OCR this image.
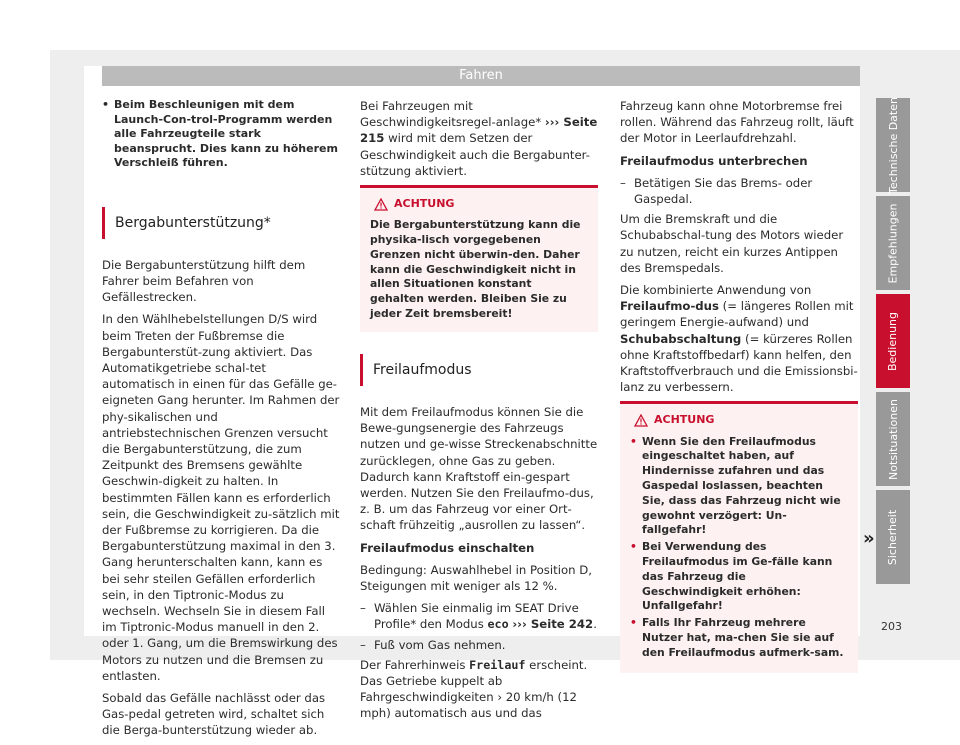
Fahren
• Beim Beschleunigen mit dem Launch-Con-trol-Programm werden alle Fahrzeugteile stark beansprucht. Dies kann zu höherem Verschleiß führen.
Bergabunterstützung*

Die Bergabunterstützung hilft dem Fahrer beim Befahren von Gefällestrecken.

In den Wählhebelstellungen D/S wird beim Treten der Fußbremse die Bergabunterstüt-zung aktiviert. Das Automatikgetriebe schal-tet automatisch in einen für das Gefälle ge-eigneten Gang herunter. Im Rahmen der phy-sikalischen und antriebstechnischen Grenzen versucht die Bergabunterstützung, die zum Zeitpunkt des Bremsens gewählte Geschwin-digkeit zu halten. In bestimmten Fällen kann es erforderlich sein, die Geschwindigkeit zu-sätzlich mit der Fußbremse zu korrigieren. Da die Bergabunterstützung maximal in den 3. Gang herunterschalten kann, kann es bei sehr steilen Gefällen erforderlich sein, in den Tiptronic-Modus zu wechseln. Wechseln Sie in diesem Fall im Tiptronic-Modus manuell in den 2. oder 1. Gang, um die Bremswirkung des Motors zu nutzen und die Bremsen zu entlasten.

Sobald das Gefälle nachlässt oder das Gas-pedal getreten wird, schaltet sich die Berga-bunterstützung wieder ab.

Bei Fahrzeugen mit Geschwindigkeitsregel-anlage* ››› Seite 215 wird mit dem Setzen der Geschwindigkeit auch die Bergabunter-stützung aktiviert.

ACHTUNG
Die Bergabunterstützung kann die physika-lisch vorgegebenen Grenzen nicht überwin-den. Daher kann die Geschwindigkeit nicht in allen Situationen konstant gehalten werden. Bleiben Sie zu jeder Zeit bremsbereit!
Freilaufmodus

Mit dem Freilaufmodus können Sie die Bewe-gungsenergie des Fahrzeugs nutzen und ge-wisse Streckenabschnitte zurücklegen, ohne Gas zu geben. Dadurch kann Kraftstoff ein-gespart werden. Nutzen Sie den Freilaufmo-dus, z. B. um das Fahrzeug vor einer Ort-schaft frühzeitig „ausrollen zu lassen“.

Freilaufmodus einschalten

Bedingung: Auswahlhebel in Position D, Steigungen mit weniger als 12 %.

– Wählen Sie einmalig im SEAT Drive Profile* den Modus eco ››› Seite 242.
– Fuß vom Gas nehmen.

Der Fahrerhinweis Freilauf erscheint. Das Getriebe kuppelt ab Fahrgeschwindigkeiten › 20 km/h (12 mph) automatisch aus und das

Fahrzeug kann ohne Motorbremse frei rollen. Während das Fahrzeug rollt, läuft der Motor in Leerlaufdrehzahl.

Freilaufmodus unterbrechen

– Betätigen Sie das Brems- oder Gaspedal.

Um die Bremskraft und die Schubabschal-tung des Motors wieder zu nutzen, reicht ein kurzes Antippen des Bremspedals.

Die kombinierte Anwendung von Freilaufmo-dus (= längeres Rollen mit geringem Energie-aufwand) und Schubabschaltung (= kürzeres Rollen ohne Kraftstoffbedarf) kann helfen, den Kraftstoffverbrauch und die Emissionsbi-lanz zu verbessern.

ACHTUNG
• Wenn Sie den Freilaufmodus eingeschaltet haben, auf Hindernisse zufahren und das Gaspedal loslassen, beachten Sie, dass das Fahrzeug nicht wie gewohnt verzögert: Un-fallgefahr!
• Bei Verwendung des Freilaufmodus im Ge-fälle kann das Fahrzeug die Geschwindigkeit erhöhen: Unfallgefahr!
• Falls Ihr Fahrzeug mehrere Nutzer hat, ma-chen Sie sie auf den Freilaufmodus aufmerk-sam.
»
Technische Daten
Empfehlungen
Bedienung
Notsituationen
Sicherheit
203
